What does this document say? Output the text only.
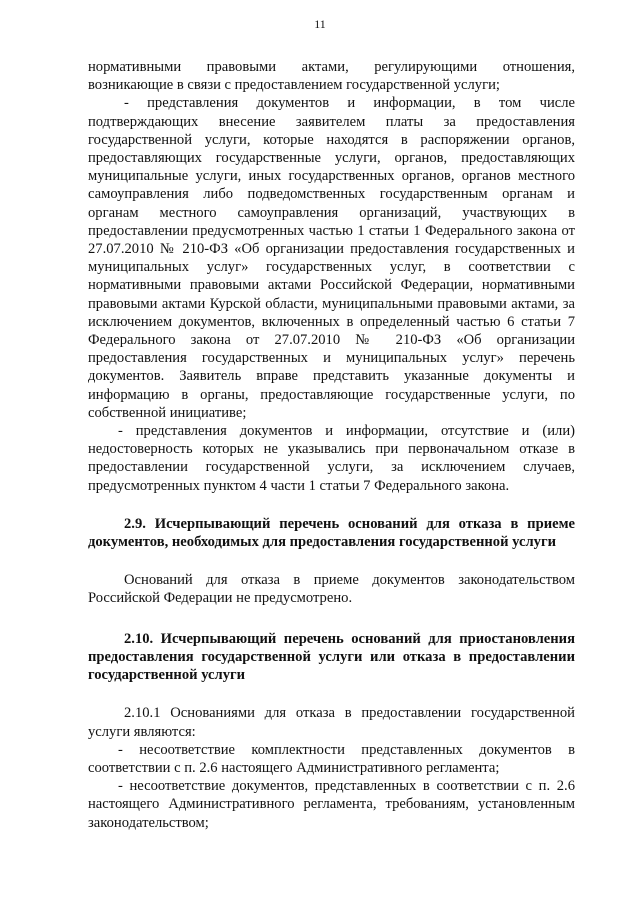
11

нормативными правовыми актами, регулирующими отношения, возникающие в связи с предоставлением государственной услуги;

- представления документов и информации, в том числе подтверждающих внесение заявителем платы за предоставления государственной услуги, которые находятся в распоряжении органов, предоставляющих государственные услуги, органов, предоставляющих муниципальные услуги, иных государственных органов, органов местного самоуправления либо подведомственных государственным органам и органам местного самоуправления организаций, участвующих в предоставлении предусмотренных частью 1 статьи 1 Федерального закона от 27.07.2010 № 210-ФЗ «Об организации предоставления государственных и муниципальных услуг» государственных услуг, в соответствии с нормативными правовыми актами Российской Федерации, нормативными правовыми актами Курской области, муниципальными правовыми актами, за исключением документов, включенных в определенный частью 6 статьи 7 Федерального закона от 27.07.2010 № 210-ФЗ «Об организации предоставления государственных и муниципальных услуг» перечень документов. Заявитель вправе представить указанные документы и информацию в органы, предоставляющие государственные услуги, по собственной инициативе;

- представления документов и информации, отсутствие и (или) недостоверность которых не указывались при первоначальном отказе в предоставлении государственной услуги, за исключением случаев, предусмотренных пунктом 4 части 1 статьи 7 Федерального закона.

2.9. Исчерпывающий перечень оснований для отказа в приеме документов, необходимых для предоставления государственной услуги

Оснований для отказа в приеме документов законодательством Российской Федерации не предусмотрено.

2.10. Исчерпывающий перечень оснований для приостановления предоставления государственной услуги или отказа в предоставлении государственной услуги

2.10.1 Основаниями для отказа в предоставлении государственной услуги являются:

- несоответствие комплектности представленных документов в соответствии с п. 2.6 настоящего Административного регламента;

- несоответствие документов, представленных в соответствии с п. 2.6 настоящего Административного регламента, требованиям, установленным законодательством;
